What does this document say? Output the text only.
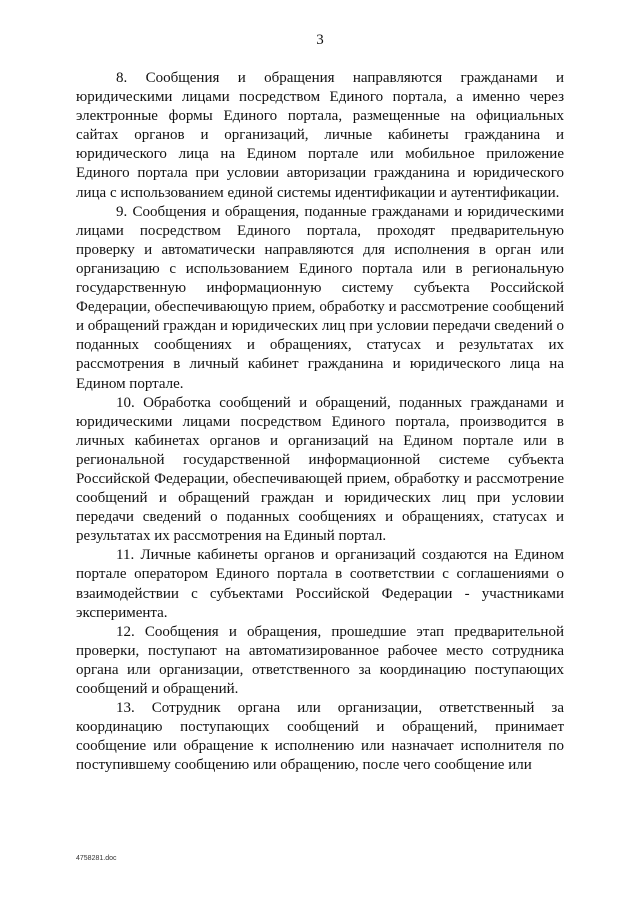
3

8. Сообщения и обращения направляются гражданами и юридическими лицами посредством Единого портала, а именно через электронные формы Единого портала, размещенные на официальных сайтах органов и организаций, личные кабинеты гражданина и юридического лица на Едином портале или мобильное приложение Единого портала при условии авторизации гражданина и юридического лица с использованием единой системы идентификации и аутентификации.

9. Сообщения и обращения, поданные гражданами и юридическими лицами посредством Единого портала, проходят предварительную проверку и автоматически направляются для исполнения в орган или организацию с использованием Единого портала или в региональную государственную информационную систему субъекта Российской Федерации, обеспечивающую прием, обработку и рассмотрение сообщений и обращений граждан и юридических лиц при условии передачи сведений о поданных сообщениях и обращениях, статусах и результатах их рассмотрения в личный кабинет гражданина и юридического лица на Едином портале.

10. Обработка сообщений и обращений, поданных гражданами и юридическими лицами посредством Единого портала, производится в личных кабинетах органов и организаций на Едином портале или в региональной государственной информационной системе субъекта Российской Федерации, обеспечивающей прием, обработку и рассмотрение сообщений и обращений граждан и юридических лиц при условии передачи сведений о поданных сообщениях и обращениях, статусах и результатах их рассмотрения на Единый портал.

11. Личные кабинеты органов и организаций создаются на Едином портале оператором Единого портала в соответствии с соглашениями о взаимодействии с субъектами Российской Федерации - участниками эксперимента.

12. Сообщения и обращения, прошедшие этап предварительной проверки, поступают на автоматизированное рабочее место сотрудника органа или организации, ответственного за координацию поступающих сообщений и обращений.

13. Сотрудник органа или организации, ответственный за координацию поступающих сообщений и обращений, принимает сообщение или обращение к исполнению или назначает исполнителя по поступившему сообщению или обращению, после чего сообщение или

4758281.doc
